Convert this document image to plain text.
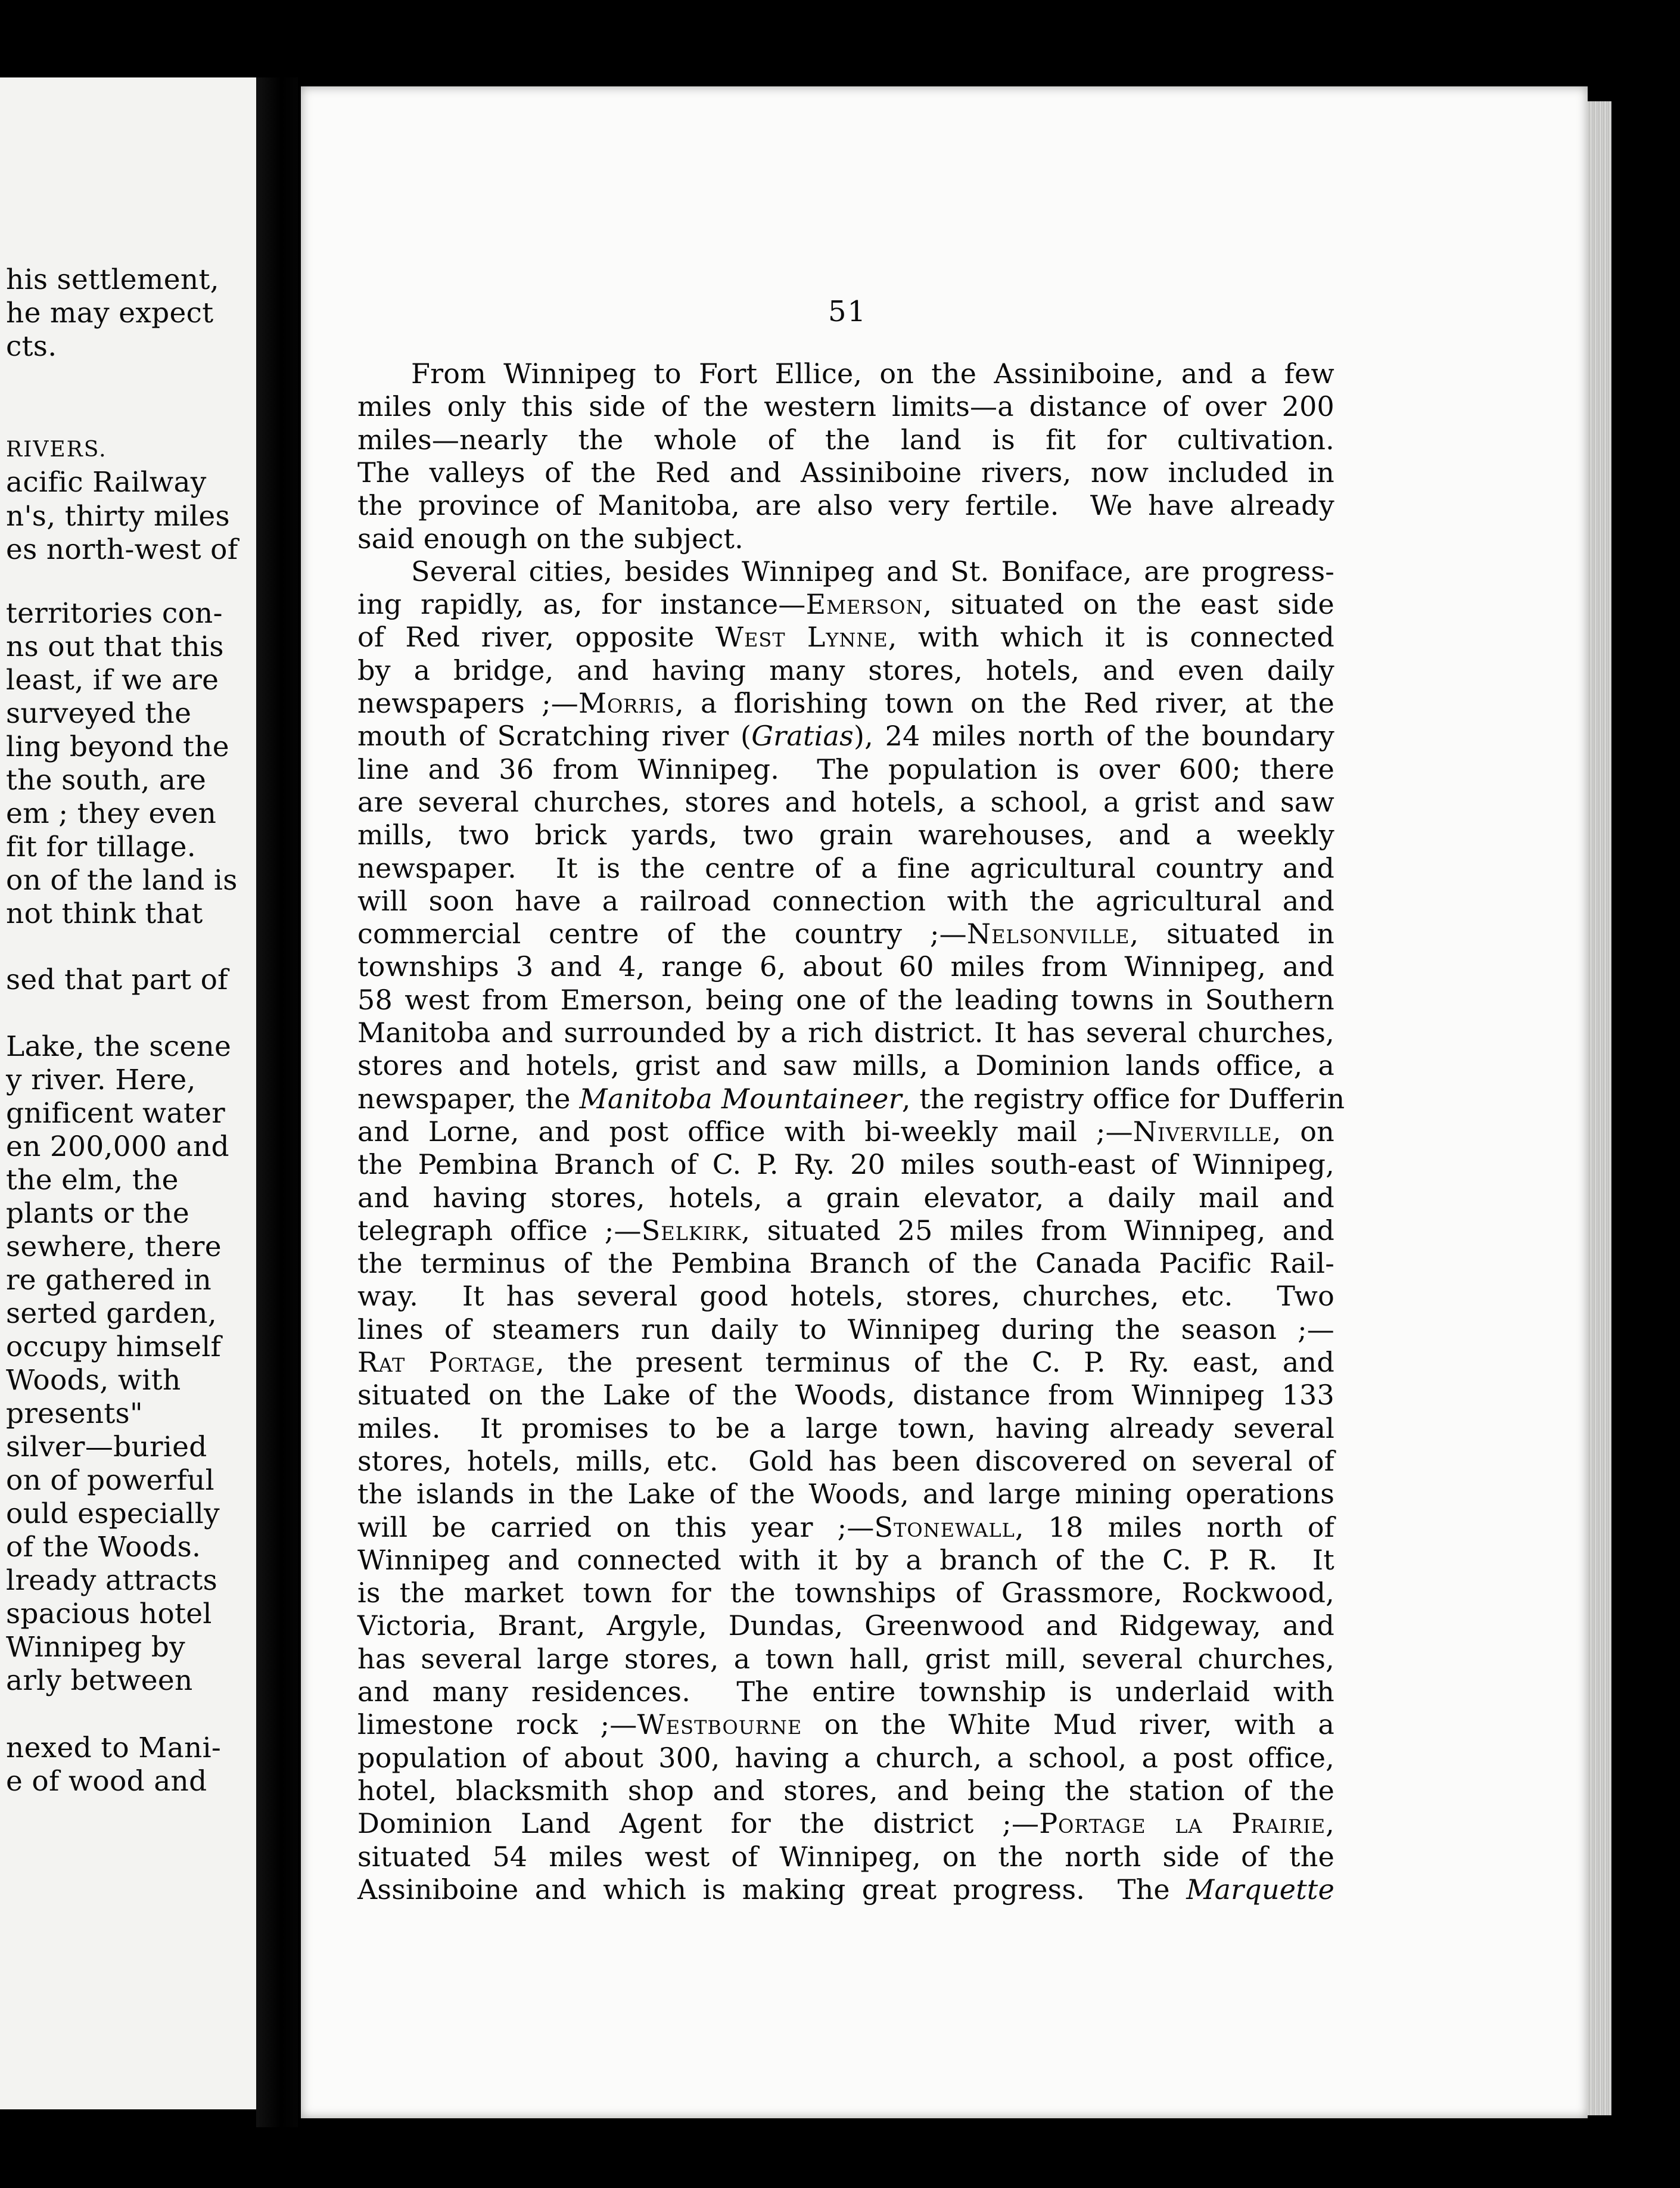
his settlement,
he may expect
cts.
RIVERS.
acific Railway
n's, thirty miles
es north-west of
territories con-
ns out that this
least, if we are
surveyed the
ling beyond the
the south, are
em ; they even
fit for tillage.
on of the land is
not think that
sed that part of
Lake, the scene
y river. Here,
gnificent water
en 200,000 and
the elm, the
plants or the
sewhere, there
re gathered in
serted garden,
occupy himself
Woods, with
presents"
silver—buried
on of powerful
ould especially
of the Woods.
lready attracts
spacious hotel
Winnipeg by
arly between
nexed to Mani-
e of wood and
51
From Winnipeg to Fort Ellice, on the Assiniboine, and a few
miles only this side of the western limits—a distance of over 200
miles—nearly the whole of the land is fit for cultivation.
The valleys of the Red and Assiniboine rivers, now included in
the province of Manitoba, are also very fertile.  We have already
said enough on the subject.
Several cities, besides Winnipeg and St. Boniface, are progress-
ing rapidly, as, for instance—Emerson, situated on the east side
of Red river, opposite West Lynne, with which it is connected
by a bridge, and having many stores, hotels, and even daily
newspapers ;—Morris, a florishing town on the Red river, at the
mouth of Scratching river (Gratias), 24 miles north of the boundary
line and 36 from Winnipeg.  The population is over 600; there
are several churches, stores and hotels, a school, a grist and saw
mills, two brick yards, two grain warehouses, and a weekly
newspaper.  It is the centre of a fine agricultural country and
will soon have a railroad connection with the agricultural and
commercial centre of the country ;—Nelsonville, situated in
townships 3 and 4, range 6, about 60 miles from Winnipeg, and
58 west from Emerson, being one of the leading towns in Southern
Manitoba and surrounded by a rich district. It has several churches,
stores and hotels, grist and saw mills, a Dominion lands office, a
newspaper, the Manitoba Mountaineer, the registry office for Dufferin
and Lorne, and post office with bi-weekly mail ;—Niverville, on
the Pembina Branch of C. P. Ry. 20 miles south-east of Winnipeg,
and having stores, hotels, a grain elevator, a daily mail and
telegraph office ;—Selkirk, situated 25 miles from Winnipeg, and
the terminus of the Pembina Branch of the Canada Pacific Rail-
way.  It has several good hotels, stores, churches, etc.  Two
lines of steamers run daily to Winnipeg during the season ;—
Rat Portage, the present terminus of the C. P. Ry. east, and
situated on the Lake of the Woods, distance from Winnipeg 133
miles.  It promises to be a large town, having already several
stores, hotels, mills, etc.  Gold has been discovered on several of
the islands in the Lake of the Woods, and large mining operations
will be carried on this year ;—Stonewall, 18 miles north of
Winnipeg and connected with it by a branch of the C. P. R.  It
is the market town for the townships of Grassmore, Rockwood,
Victoria, Brant, Argyle, Dundas, Greenwood and Ridgeway, and
has several large stores, a town hall, grist mill, several churches,
and many residences.  The entire township is underlaid with
limestone rock ;—Westbourne on the White Mud river, with a
population of about 300, having a church, a school, a post office,
hotel, blacksmith shop and stores, and being the station of the
Dominion Land Agent for the district ;—Portage la Prairie,
situated 54 miles west of Winnipeg, on the north side of the
Assiniboine and which is making great progress.  The Marquette
